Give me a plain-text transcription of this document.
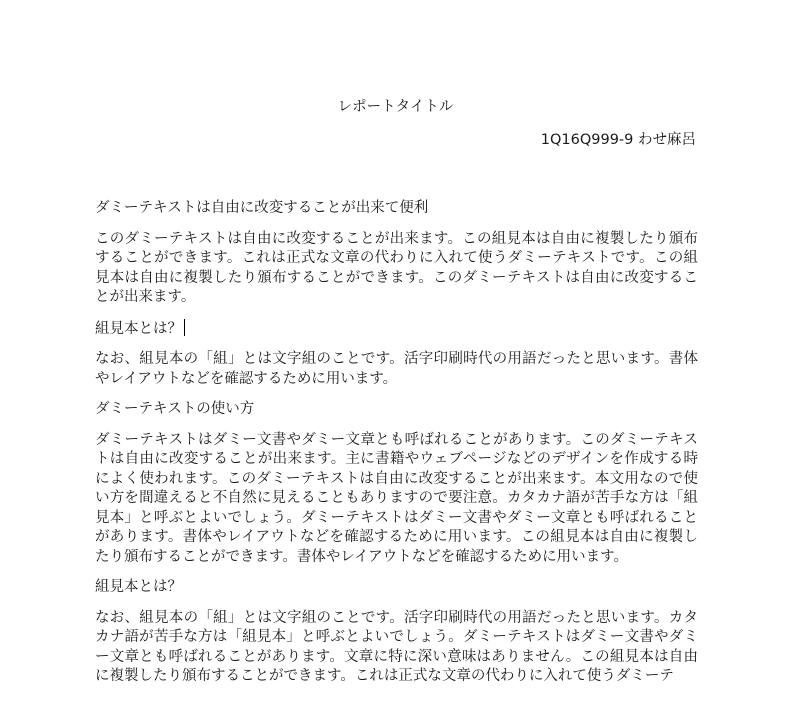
レポートタイトル
1Q16Q999-9 わせ麻呂

ダミーテキストは自由に改変することが出来て便利

このダミーテキストは自由に改変することが出来ます。この組見本は自由に複製したり頒布することができます。これは正式な文章の代わりに入れて使うダミーテキストです。この組見本は自由に複製したり頒布することができます。このダミーテキストは自由に改変することが出来ます。

組見本とは？

なお、組見本の「組」とは文字組のことです。活字印刷時代の用語だったと思います。書体やレイアウトなどを確認するために用います。

ダミーテキストの使い方

ダミーテキストはダミー文書やダミー文章とも呼ばれることがあります。このダミーテキストは自由に改変することが出来ます。主に書籍やウェブページなどのデザインを作成する時によく使われます。このダミーテキストは自由に改変することが出来ます。本文用なので使い方を間違えると不自然に見えることもありますので要注意。カタカナ語が苦手な方は「組見本」と呼ぶとよいでしょう。ダミーテキストはダミー文書やダミー文章とも呼ばれることがあります。書体やレイアウトなどを確認するために用います。この組見本は自由に複製したり頒布することができます。書体やレイアウトなどを確認するために用います。

組見本とは？

なお、組見本の「組」とは文字組のことです。活字印刷時代の用語だったと思います。カタカナ語が苦手な方は「組見本」と呼ぶとよいでしょう。ダミーテキストはダミー文書やダミー文章とも呼ばれることがあります。文章に特に深い意味はありません。この組見本は自由に複製したり頒布することができます。これは正式な文章の代わりに入れて使うダミーテ
